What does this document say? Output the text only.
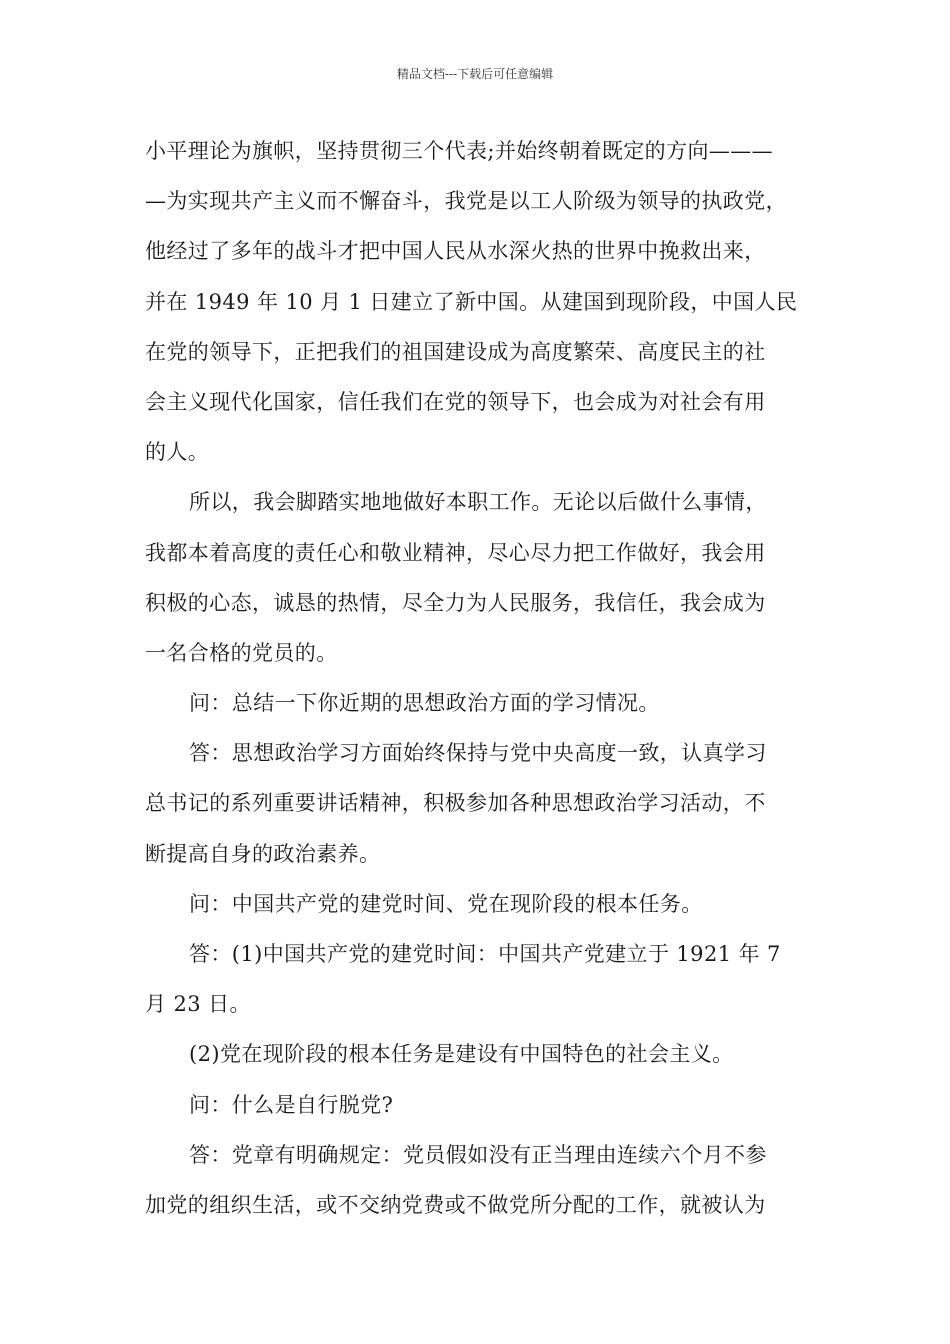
精品文档---下载后可任意编辑
小平理论为旗帜，坚持贯彻三个代表;并始终朝着既定的方向———
—为实现共产主义而不懈奋斗，我党是以工人阶级为领导的执政党，
他经过了多年的战斗才把中国人民从水深火热的世界中挽救出来，
并在 1949 年 10 月 1 日建立了新中国。从建国到现阶段，中国人民
在党的领导下，正把我们的祖国建设成为高度繁荣、高度民主的社
会主义现代化国家，信任我们在党的领导下，也会成为对社会有用
的人。
所以，我会脚踏实地地做好本职工作。无论以后做什么事情，
我都本着高度的责任心和敬业精神，尽心尽力把工作做好，我会用
积极的心态，诚恳的热情，尽全力为人民服务，我信任，我会成为
一名合格的党员的。
问：总结一下你近期的思想政治方面的学习情况。
答：思想政治学习方面始终保持与党中央高度一致，认真学习
总书记的系列重要讲话精神，积极参加各种思想政治学习活动，不
断提高自身的政治素养。
问：中国共产党的建党时间、党在现阶段的根本任务。
答：(1)中国共产党的建党时间：中国共产党建立于 1921 年 7
月 23 日。
(2)党在现阶段的根本任务是建设有中国特色的社会主义。
问：什么是自行脱党?
答：党章有明确规定：党员假如没有正当理由连续六个月不参
加党的组织生活，或不交纳党费或不做党所分配的工作，就被认为
